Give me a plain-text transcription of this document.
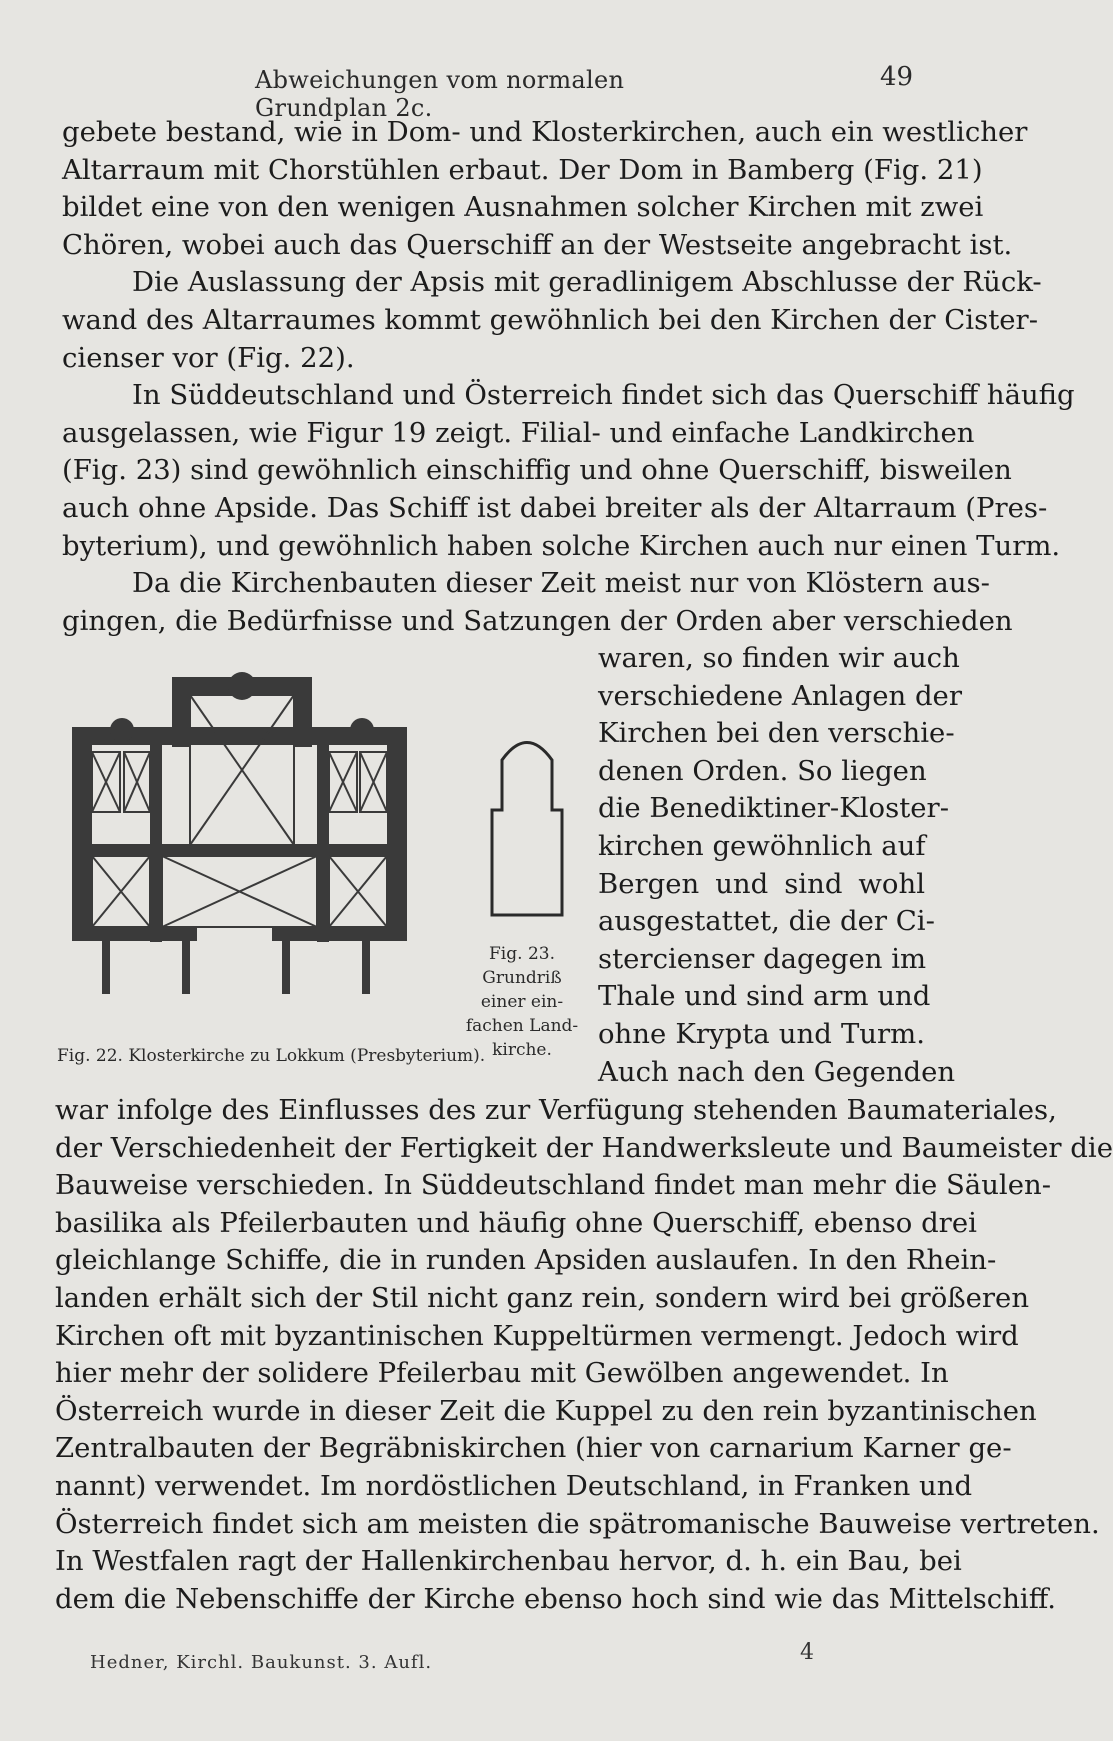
Abweichungen vom normalen Grundplan 2c.
49
gebete bestand, wie in Dom- und Klosterkirchen, auch ein westlicher
Altarraum mit Chorstühlen erbaut. Der Dom in Bamberg (Fig. 21)
bildet eine von den wenigen Ausnahmen solcher Kirchen mit zwei
Chören, wobei auch das Querschiff an der Westseite angebracht ist.
Die Auslassung der Apsis mit geradlinigem Abschlusse der Rück-
wand des Altarraumes kommt gewöhnlich bei den Kirchen der Cister-
cienser vor (Fig. 22).
In Süddeutschland und Österreich findet sich das Querschiff häufig
ausgelassen, wie Figur 19 zeigt. Filial- und einfache Landkirchen
(Fig. 23) sind gewöhnlich einschiffig und ohne Querschiff, bisweilen
auch ohne Apside. Das Schiff ist dabei breiter als der Altarraum (Pres-
byterium), und gewöhnlich haben solche Kirchen auch nur einen Turm.
Da die Kirchenbauten dieser Zeit meist nur von Klöstern aus-
gingen, die Bedürfnisse und Satzungen der Orden aber verschieden
Fig. 22. Klosterkirche zu Lokkum (Presbyterium).
Fig. 23.
Grundriß
einer ein-
fachen Land-
kirche.
waren, so finden wir auch
verschiedene Anlagen der
Kirchen bei den verschie-
denen Orden. So liegen
die Benediktiner-Kloster-
kirchen gewöhnlich auf
Bergen und sind wohl
ausgestattet, die der Ci-
stercienser dagegen im
Thale und sind arm und
ohne Krypta und Turm.
Auch nach den Gegenden
war infolge des Einflusses des zur Verfügung stehenden Baumateriales,
der Verschiedenheit der Fertigkeit der Handwerksleute und Baumeister die
Bauweise verschieden. In Süddeutschland findet man mehr die Säulen-
basilika als Pfeilerbauten und häufig ohne Querschiff, ebenso drei
gleichlange Schiffe, die in runden Apsiden auslaufen. In den Rhein-
landen erhält sich der Stil nicht ganz rein, sondern wird bei größeren
Kirchen oft mit byzantinischen Kuppeltürmen vermengt. Jedoch wird
hier mehr der solidere Pfeilerbau mit Gewölben angewendet. In
Österreich wurde in dieser Zeit die Kuppel zu den rein byzantinischen
Zentralbauten der Begräbniskirchen (hier von carnarium Karner ge-
nannt) verwendet. Im nordöstlichen Deutschland, in Franken und
Österreich findet sich am meisten die spätromanische Bauweise vertreten.
In Westfalen ragt der Hallenkirchenbau hervor, d. h. ein Bau, bei
dem die Nebenschiffe der Kirche ebenso hoch sind wie das Mittelschiff.
Hedner, Kirchl. Baukunst. 3. Aufl.	4
